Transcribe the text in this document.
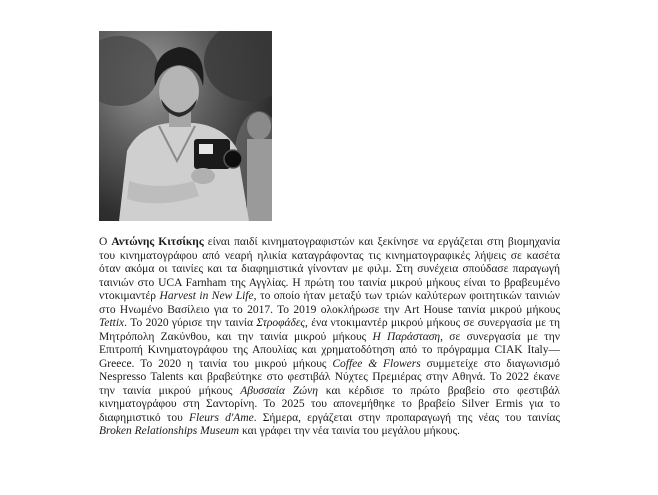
Ο Αντώνης Κιτσίκης είναι παιδί κινηματογραφιστών και ξεκίνησε να εργάζεται στη βιομηχανία του κινηματογράφου από νεαρή ηλικία καταγράφοντας τις κινηματογραφικές λήψεις σε κασέτα όταν ακόμα οι ταινίες και τα διαφημιστικά γίνονταν με φιλμ. Στη συνέχεια σπούδασε παραγωγή ταινιών στο UCA Farnham της Αγγλίας. Η πρώτη του ταινία μικρού μήκους είναι το βραβευμένο ντοκιμαντέρ Harvest in New Life, το οποίο ήταν μεταξύ των τριών καλύτερων φοιτητικών ταινιών στο Ηνωμένο Βασίλειο για το 2017. Το 2019 ολοκλήρωσε την Art House ταινία μικρού μήκους Tettix. Το 2020 γύρισε την ταινία Στροφάδες, ένα ντοκιμαντέρ μικρού μήκους σε συνεργασία με τη Μητρόπολη Ζακύνθου, και την ταινία μικρού μήκους Η Παράσταση, σε συνεργασία με την Επιτροπή Κινηματογράφου της Απουλίας και χρηματοδότηση από το πρόγραμμα CIAK Italy—Greece. Το 2020 η ταινία του μικρού μήκους Coffee & Flowers συμμετείχε στο διαγωνισμό Nespresso Talents και βραβεύτηκε στο φεστιβάλ Νύχτες Πρεμιέρας στην Αθηνά. Το 2022 έκανε την ταινία μικρού μήκους Αβυσσαία Ζώνη και κέρδισε το πρώτο βραβείο στο φεστιβάλ κινηματογράφου στη Σαντορίνη. Το 2025 του απονεμήθηκε το βραβείο Silver Ermis για το διαφημιστικό του Fleurs d'Ame. Σήμερα, εργάζεται στην προπαραγωγή της νέας του ταινίας Broken Relationships Museum και γράφει την νέα ταινία του μεγάλου μήκους.
